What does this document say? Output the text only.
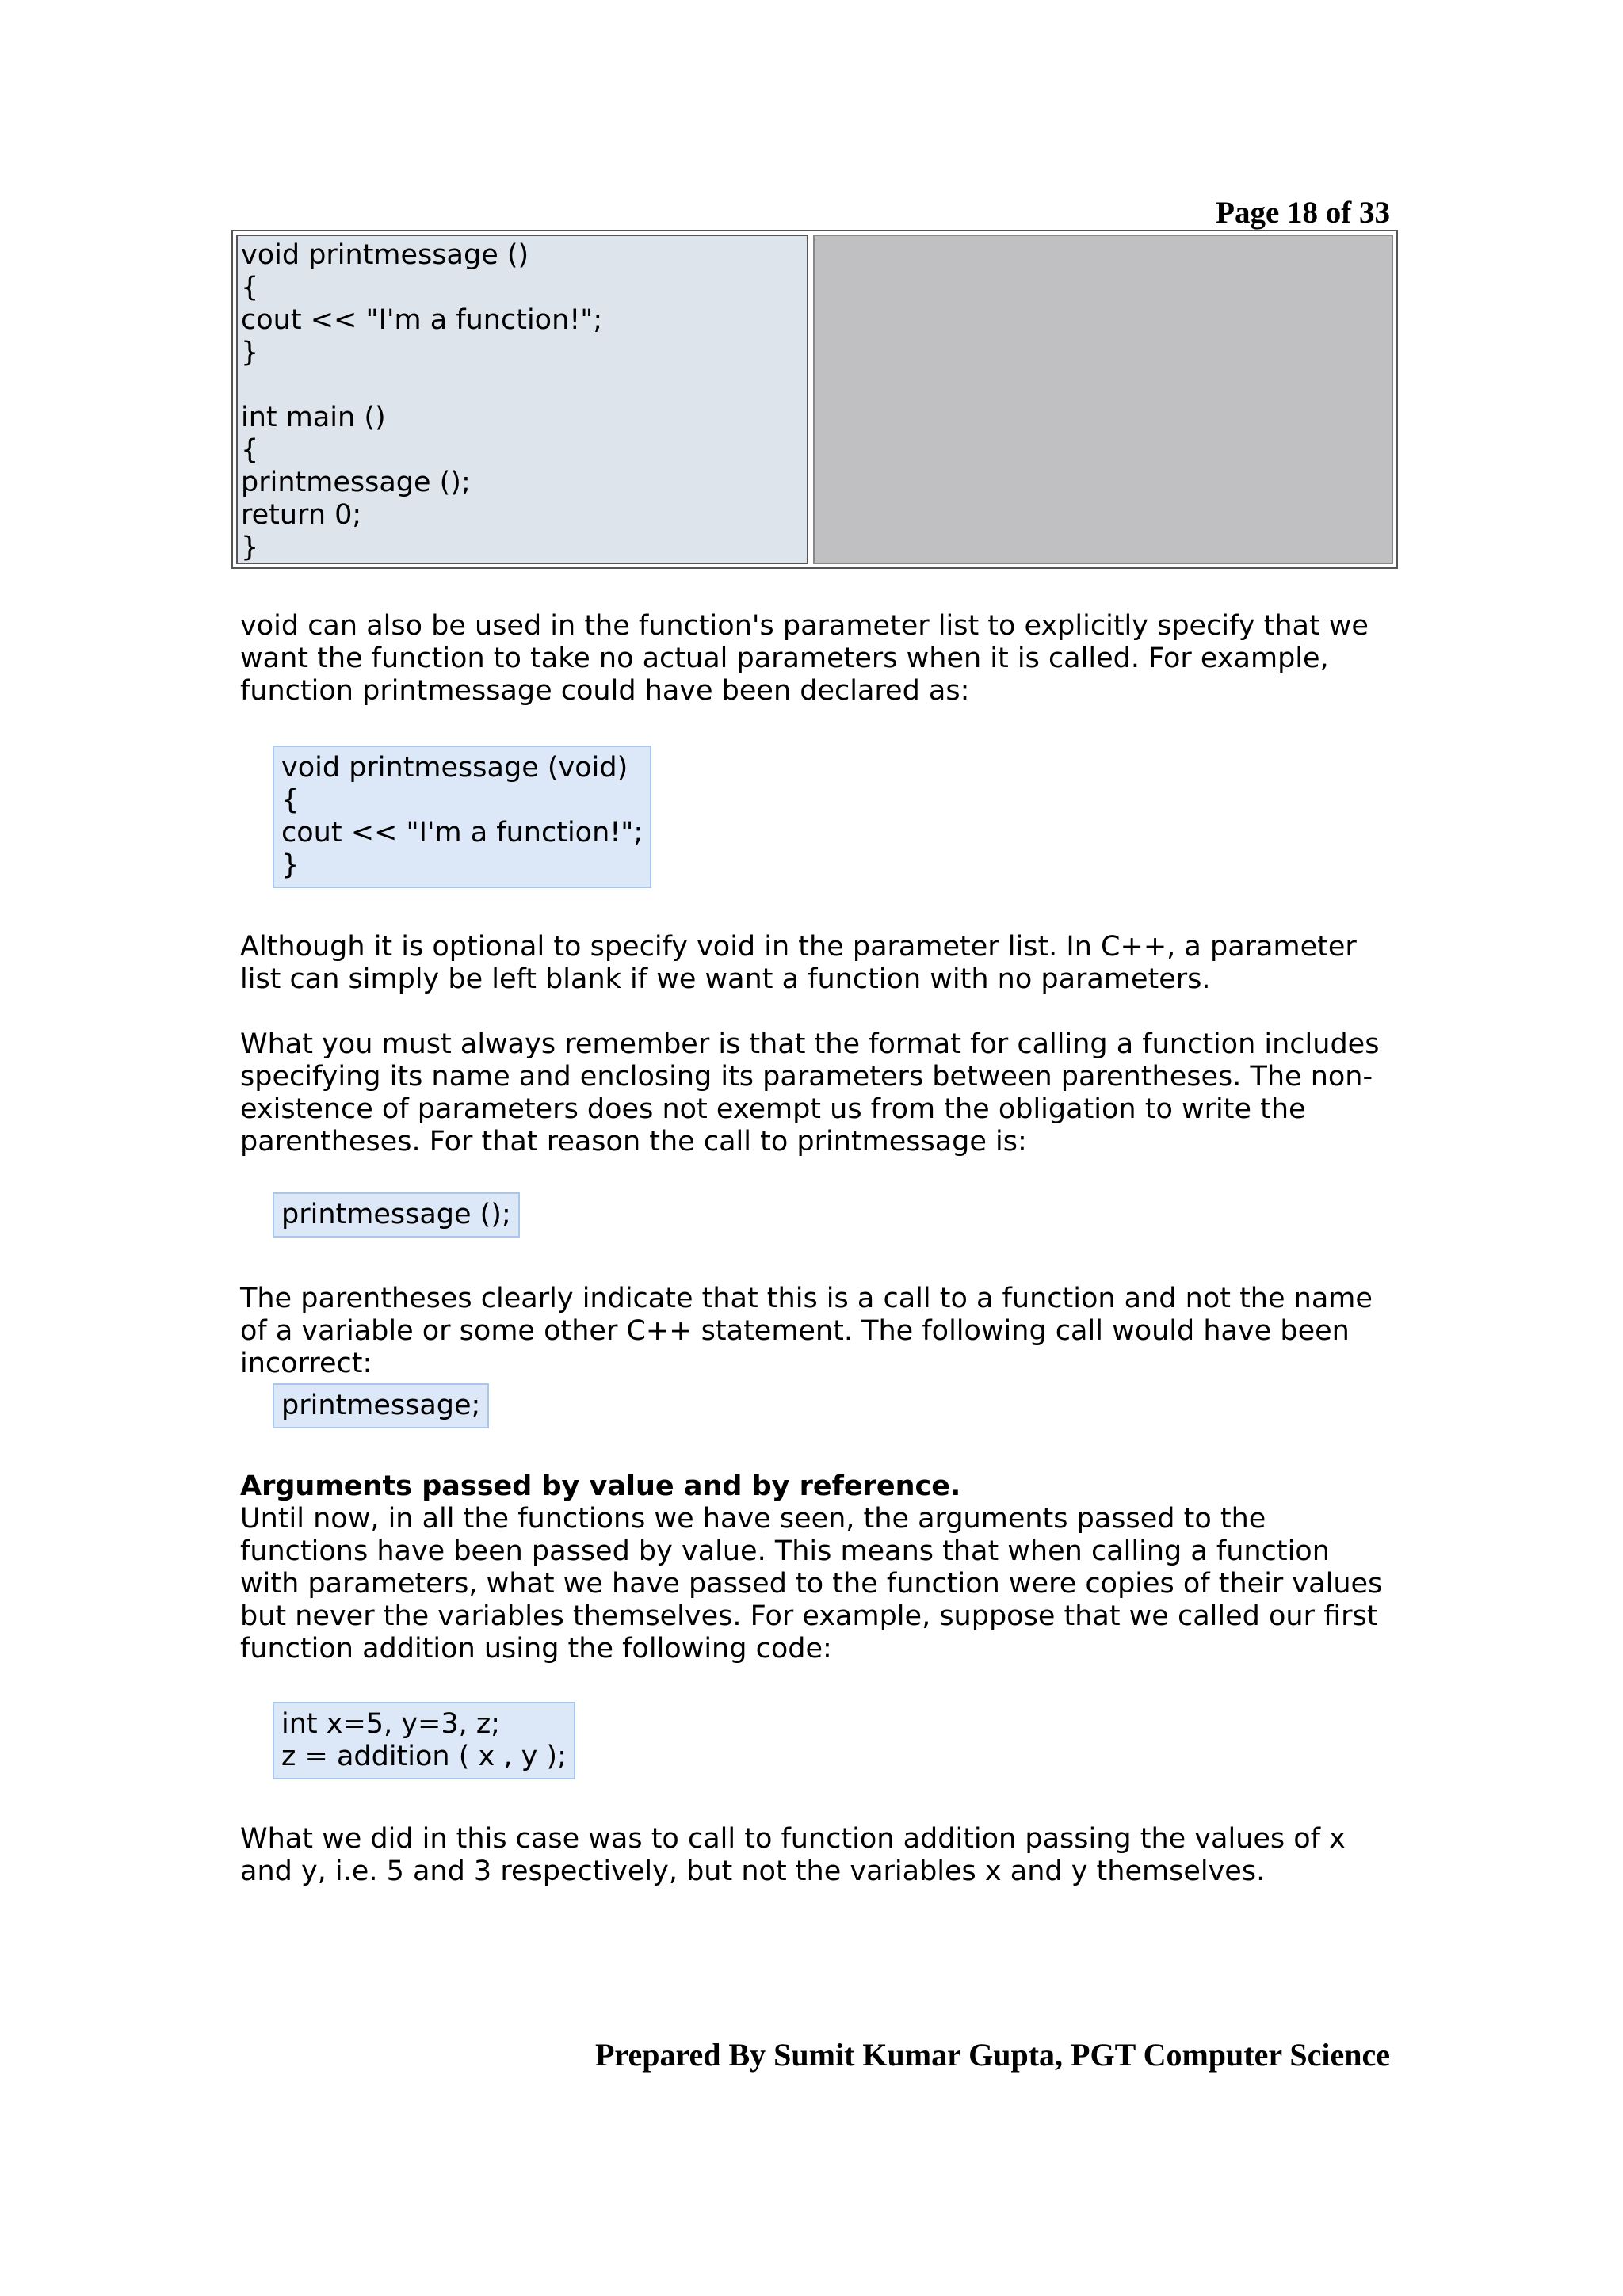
Page 18 of 33
void printmessage ()
{
cout << "I'm a function!";
}

int main ()
{
printmessage ();
return 0;
}

void can also be used in the function's parameter list to explicitly specify that we want the function to take no actual parameters when it is called. For example, function printmessage could have been declared as:

void printmessage (void)
{
cout << "I'm a function!";
}

Although it is optional to specify void in the parameter list. In C++, a parameter list can simply be left blank if we want a function with no parameters.

What you must always remember is that the format for calling a function includes specifying its name and enclosing its parameters between parentheses. The non-existence of parameters does not exempt us from the obligation to write the parentheses. For that reason the call to printmessage is:

printmessage ();

The parentheses clearly indicate that this is a call to a function and not the name of a variable or some other C++ statement. The following call would have been incorrect:

printmessage;
Arguments passed by value and by reference.
Until now, in all the functions we have seen, the arguments passed to the functions have been passed by value. This means that when calling a function with parameters, what we have passed to the function were copies of their values but never the variables themselves. For example, suppose that we called our first function addition using the following code:
int x=5, y=3, z;
z = addition ( x , y );

What we did in this case was to call to function addition passing the values of x and y, i.e. 5 and 3 respectively, but not the variables x and y themselves.

Prepared By Sumit Kumar Gupta, PGT Computer Science
